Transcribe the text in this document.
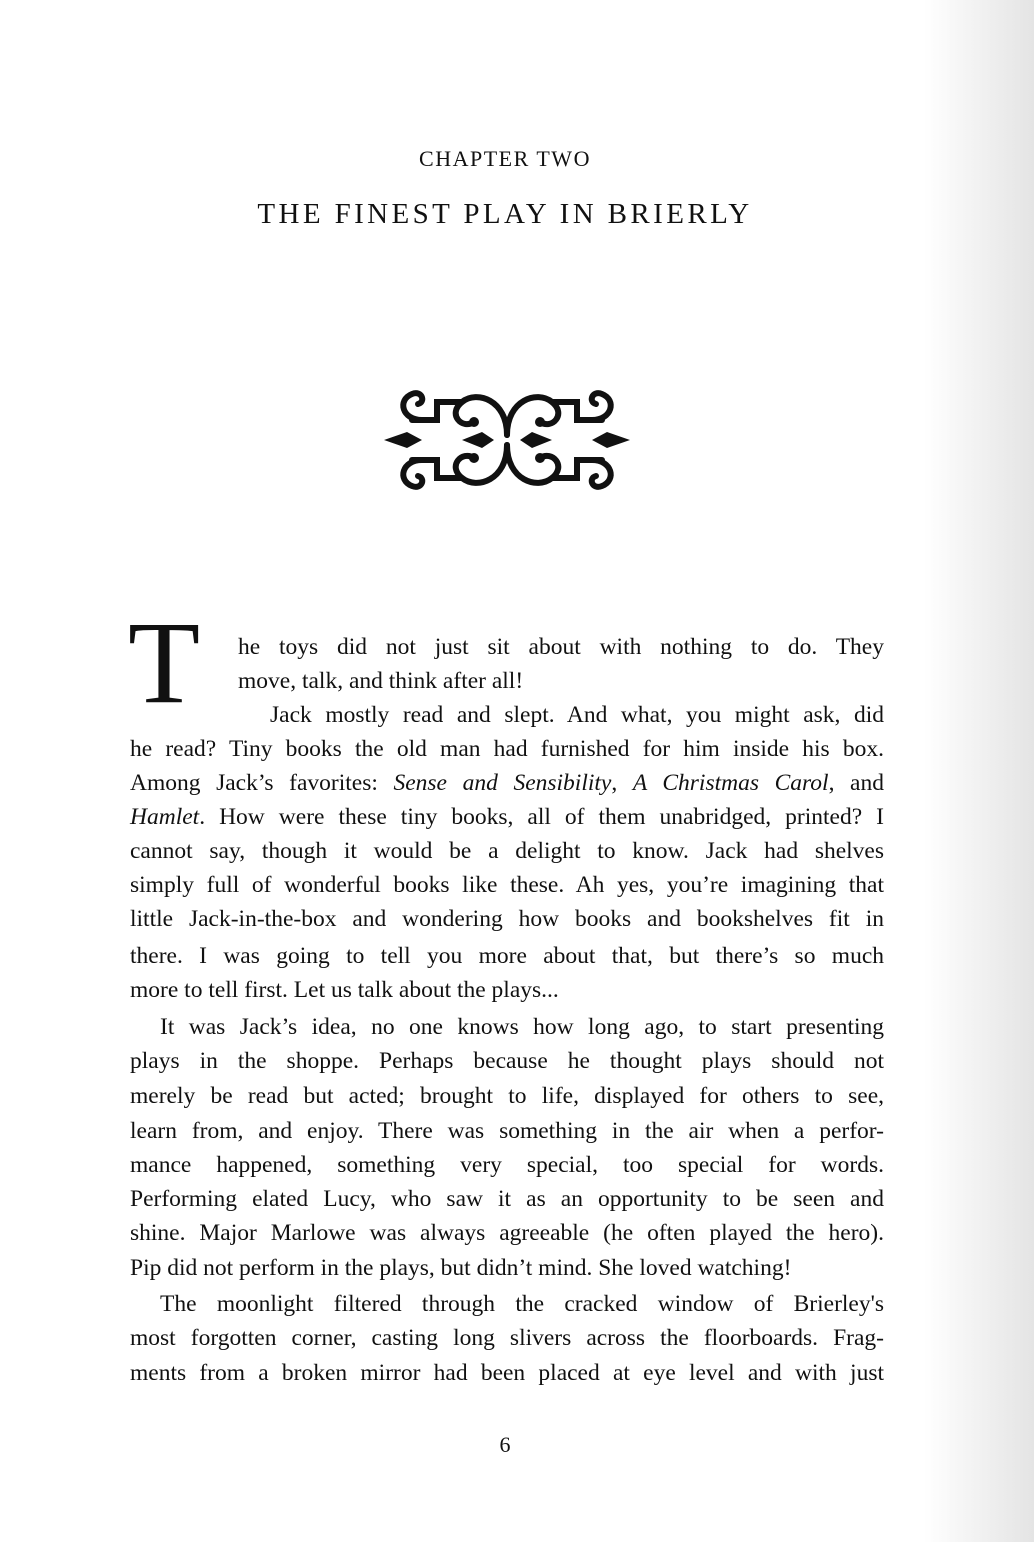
CHAPTER TWO
THE FINEST PLAY IN BRIERLY
T he toys did not just sit about with nothing to do. They
move, talk, and think after all!
Jack mostly read and slept. And what, you might ask, did
he read? Tiny books the old man had furnished for him inside his box.
Among Jack’s favorites: Sense and Sensibility, A Christmas Carol, and
Hamlet. How were these tiny books, all of them unabridged, printed? I
cannot say, though it would be a delight to know. Jack had shelves
simply full of wonderful books like these. Ah yes, you’re imagining that
little Jack-in-the-box and wondering how books and bookshelves fit in
there. I was going to tell you more about that, but there’s so much
more to tell first. Let us talk about the plays...
It was Jack’s idea, no one knows how long ago, to start presenting
plays in the shoppe. Perhaps because he thought plays should not
merely be read but acted; brought to life, displayed for others to see,
learn from, and enjoy. There was something in the air when a perfor-
mance happened, something very special, too special for words.
Performing elated Lucy, who saw it as an opportunity to be seen and
shine. Major Marlowe was always agreeable (he often played the hero).
Pip did not perform in the plays, but didn’t mind. She loved watching!
The moonlight filtered through the cracked window of Brierley's
most forgotten corner, casting long slivers across the floorboards. Frag-
ments from a broken mirror had been placed at eye level and with just
6
